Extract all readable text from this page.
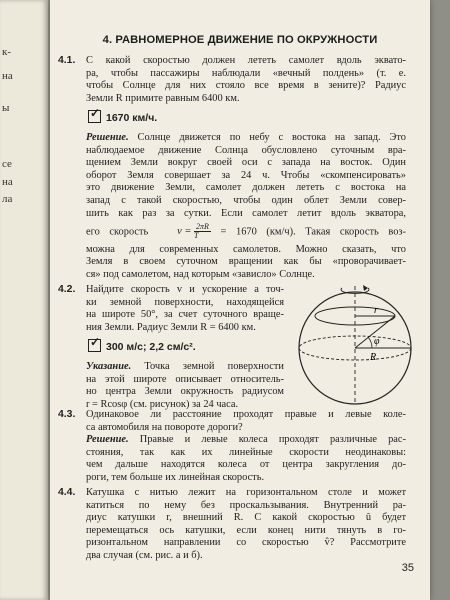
к-
на
ы
се
на
ла
4. РАВНОМЕРНОЕ ДВИЖЕНИЕ ПО ОКРУЖНОСТИ
4.1. С какой скоростью должен лететь самолет вдоль эквато-
ра, чтобы пассажиры наблюдали «вечный полдень» (т. е.
чтобы Солнце для них стояло все время в зените)? Радиус
Земли R примите равным 6400 км.
✓1670 км/ч.
Решение. Солнце движется по небу с востока на запад. Это
наблюдаемое движение Солнца обусловлено суточным вра-
щением Земли вокруг своей оси с запада на восток. Один
оборот Земля совершает за 24 ч. Чтобы «скомпенсировать»
это движение Земли, самолет должен лететь с востока на
запад с такой скоростью, чтобы один облет Земли совер-
шить как раз за сутки. Если самолет летит вдоль экватора,
его скорость	$v = \frac{2\pi R}{T} = 1670$ (км/ч). Такая скорость воз-
можна для современных самолетов. Можно сказать, что
Земля в своем суточном вращении как бы «проворачивает-
ся» под самолетом, над которым «зависло» Солнце.
4.2. Найдите скорость v и ускорение a точ-
ки земной поверхности, находящейся
на широте 50°, за счет суточного враще-
ния Земли. Радиус Земли R = 6400 км.
✓300 м/с; 2,2 см/с².
Указание. Точка земной поверхности
на этой широте описывает относитель-
но центра Земли окружность радиусом
r = Rcosφ (см. рисунок) за 24 часа.
r
φ
R
4.3. Одинаковое ли расстояние проходят правые и левые коле-
са автомобиля на повороте дороги?
Решение. Правые и левые колеса проходят различные рас-
стояния, так как их линейные скорости неодинаковы:
чем дальше находятся колеса от центра закругления до-
роги, тем больше их линейная скорость.
4.4. Катушка с нитью лежит на горизонтальном столе и может
катиться по нему без проскальзывания. Внутренний ра-
диус катушки r, внешний R. С какой скоростью û будет
перемещаться ось катушки, если конец нити тянуть в го-
ризонтальном направлении со скоростью v̂? Рассмотрите
два случая (см. рис. a и б).
35
